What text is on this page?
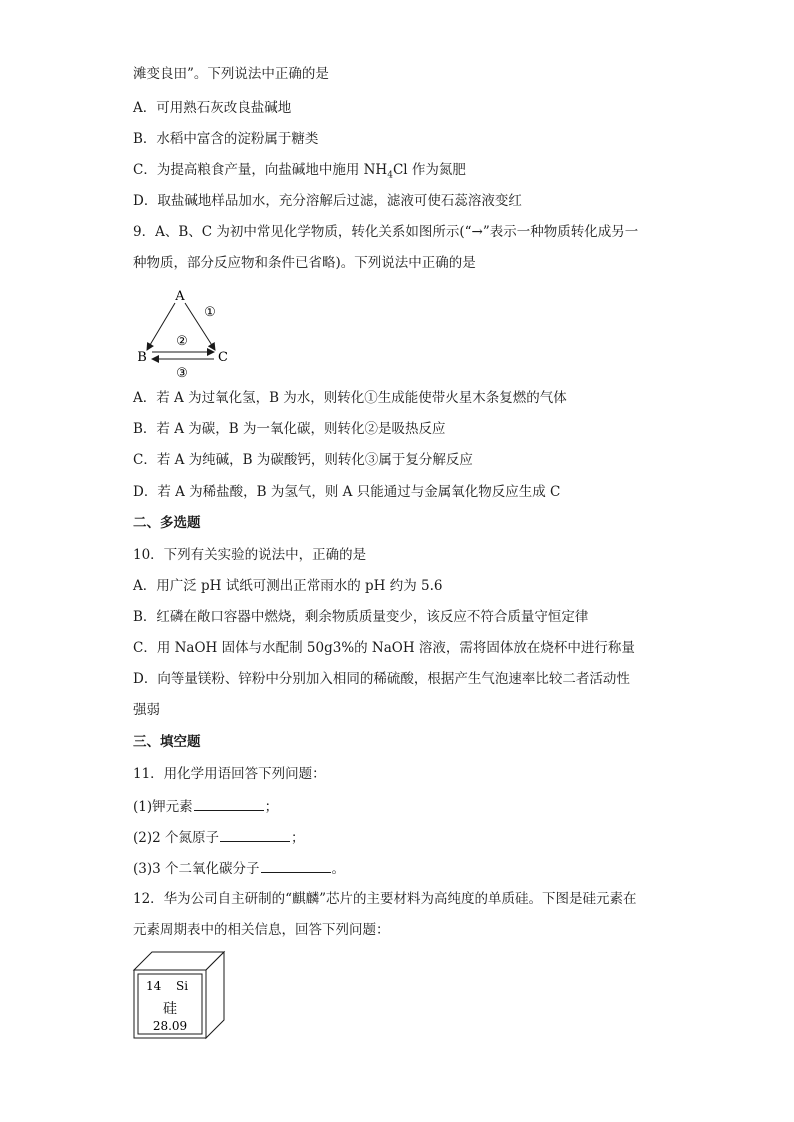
滩变良田”。下列说法中正确的是

A．可用熟石灰改良盐碱地

B．水稻中富含的淀粉属于糖类

C．为提高粮食产量，向盐碱地中施用 $NH_4Cl$ 作为氮肥

D．取盐碱地样品加水，充分溶解后过滤，滤液可使石蕊溶液变红

9．A、B、C 为初中常见化学物质，转化关系如图所示(“→”表示一种物质转化成另一

种物质，部分反应物和条件已省略)。下列说法中正确的是

A
B	C
①
②
③

A．若 A 为过氧化氢，B 为水，则转化①生成能使带火星木条复燃的气体

B．若 A 为碳，B 为一氧化碳，则转化②是吸热反应

C．若 A 为纯碱，B 为碳酸钙，则转化③属于复分解反应

D．若 A 为稀盐酸，B 为氢气，则 A 只能通过与金属氧化物反应生成 C

二、多选题

10．下列有关实验的说法中，正确的是

A．用广泛 pH 试纸可测出正常雨水的 pH 约为 5.6

B．红磷在敞口容器中燃烧，剩余物质质量变少，该反应不符合质量守恒定律

C．用 NaOH 固体与水配制 50g3%的 NaOH 溶液，需将固体放在烧杯中进行称量

D．向等量镁粉、锌粉中分别加入相同的稀硫酸，根据产生气泡速率比较二者活动性

强弱

三、填空题

11．用化学用语回答下列问题：

(1)钾元素	；

(2)2 个氮原子	；

(3)3 个二氧化碳分子	。

12．华为公司自主研制的“麒麟”芯片的主要材料为高纯度的单质硅。下图是硅元素在

元素周期表中的相关信息，回答下列问题：

14 Si
硅
28.09
